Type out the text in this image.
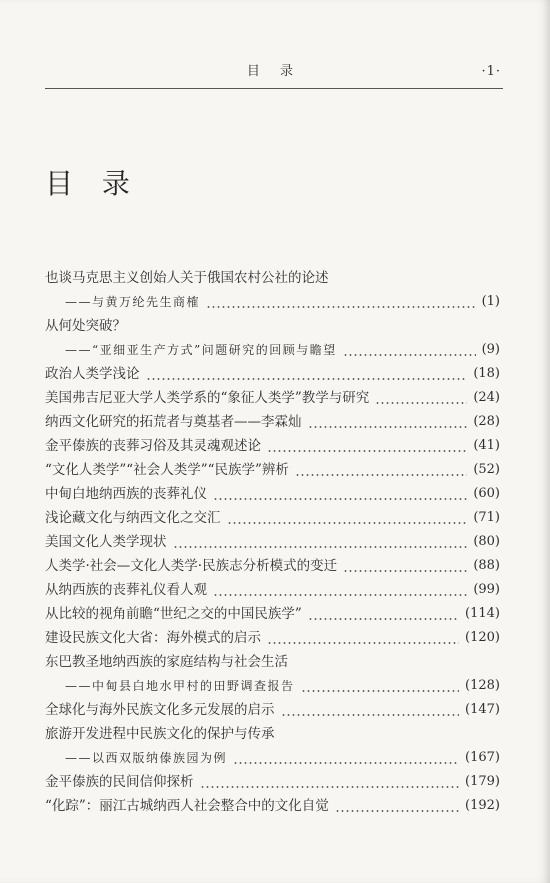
目 录	·1·
目 录
也谈马克思主义创始人关于俄国农村公社的论述
——与黄万纶先生商榷	(1)
从何处突破？
——“亚细亚生产方式”问题研究的回顾与瞻望	(9)
政治人类学浅论	(18)
美国弗吉尼亚大学人类学系的“象征人类学”教学与研究	(24)
纳西文化研究的拓荒者与奠基者——李霖灿	(28)
金平傣族的丧葬习俗及其灵魂观述论	(41)
“文化人类学”“社会人类学”“民族学”辨析	(52)
中甸白地纳西族的丧葬礼仪	(60)
浅论藏文化与纳西文化之交汇	(71)
美国文化人类学现状	(80)
人类学·社会—文化人类学·民族志分析模式的变迁	(88)
从纳西族的丧葬礼仪看人观	(99)
从比较的视角前瞻“世纪之交的中国民族学”	(114)
建设民族文化大省：海外模式的启示	(120)
东巴教圣地纳西族的家庭结构与社会生活
——中甸县白地水甲村的田野调查报告	(128)
全球化与海外民族文化多元发展的启示	(147)
旅游开发进程中民族文化的保护与传承
——以西双版纳傣族园为例	(167)
金平傣族的民间信仰探析	(179)
“化踪”：丽江古城纳西人社会整合中的文化自觉	(192)
